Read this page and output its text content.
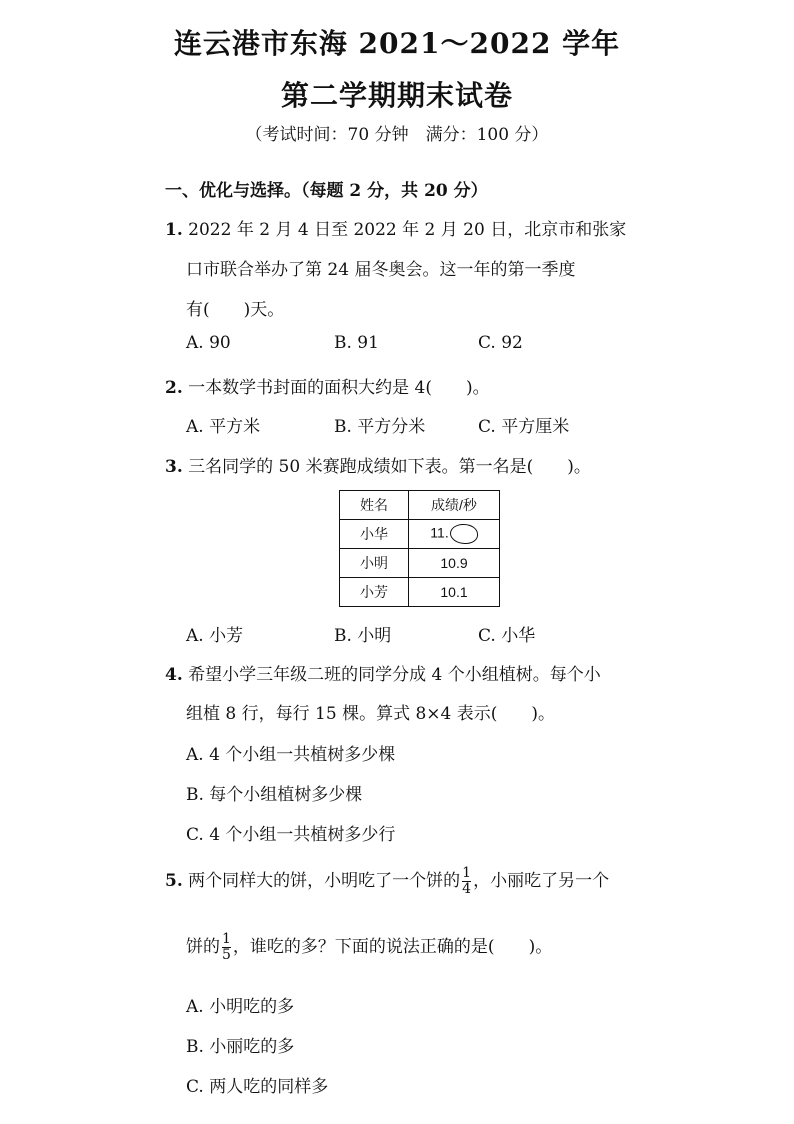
连云港市东海 2021～2022 学年
第二学期期末试卷
（考试时间：70 分钟　满分：100 分）
一、优化与选择。（每题 2 分，共 20 分）
1. 2022 年 2 月 4 日至 2022 年 2 月 20 日，北京市和张家
口市联合举办了第 24 届冬奥会。这一年的第一季度
有( )天。
A. 90	B. 91	C. 92
2. 一本数学书封面的面积大约是 4( )。
A. 平方米	B. 平方分米	C. 平方厘米
3. 三名同学的 50 米赛跑成绩如下表。第一名是( )。
姓名	成绩/秒
小华	11.
小明	10.9
小芳	10.1
A. 小芳	B. 小明	C. 小华
4. 希望小学三年级二班的同学分成 4 个小组植树。每个小
组植 8 行，每行 15 棵。算式 8×4 表示( )。
A. 4 个小组一共植树多少棵
B. 每个小组植树多少棵
C. 4 个小组一共植树多少行
5. 两个同样大的饼，小明吃了一个饼的 $\frac{1}{4}$ ，小丽吃了另一个
饼的 $\frac{1}{5}$ ，谁吃的多？下面的说法正确的是( )。
A. 小明吃的多
B. 小丽吃的多
C. 两人吃的同样多
